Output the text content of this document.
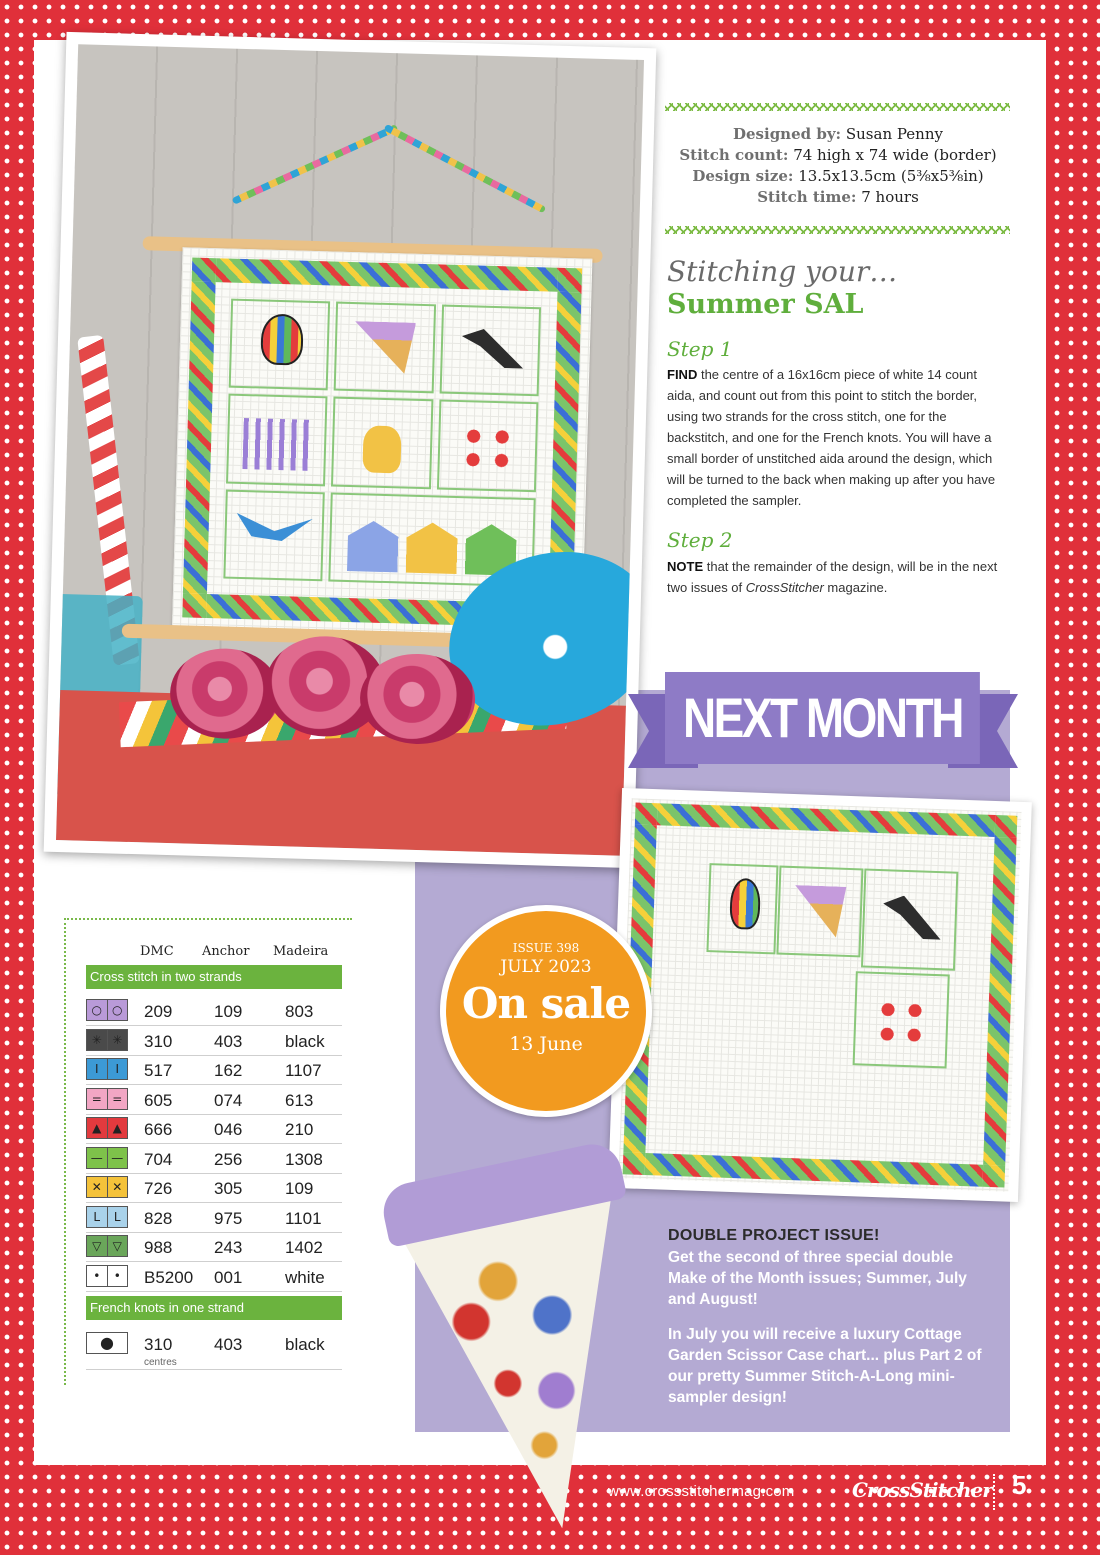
Designed by: Susan Penny
Stitch count: 74 high x 74 wide (border)
Design size: 13.5x13.5cm (5⅜x5⅜in)
Stitch time: 7 hours
Stitching your…
Summer SAL
Step 1
FIND the centre of a 16x16cm piece of white 14 count aida, and count out from this point to stitch the border, using two strands for the cross stitch, one for the backstitch, and one for the French knots. You will have a small border of unstitched aida around the design, which will be turned to the back when making up after you have completed the sampler.
Step 2
NOTE that the remainder of the design, will be in the next two issues of CrossStitcher magazine.
NEXT MONTH
ISSUE 398
JULY 2023
On sale
13 June
DOUBLE PROJECT ISSUE!
Get the second of three special double Make of the Month issues; Summer, July and August!
In July you will receive a luxury Cottage Garden Scissor Case chart... plus Part 2 of our pretty Summer Stitch-A-Long mini-sampler design!
DMC Anchor Madeira
Cross stitch in two strands
○ ○ 209 109	803
✳ ✳ 310 403	black
I	I	517 162	1107
= = 605 074	613
▲ ▲	666 046	210
— — 704 256	1308
✕ ✕ 726 305	109
L	L	828 975	1101
▽ ▽	988 243	1402
•	•	B5200 001	white
French knots in one strand
●	310 403	black
centres
www.crossstitchermag.com	CrossStitcher 5
